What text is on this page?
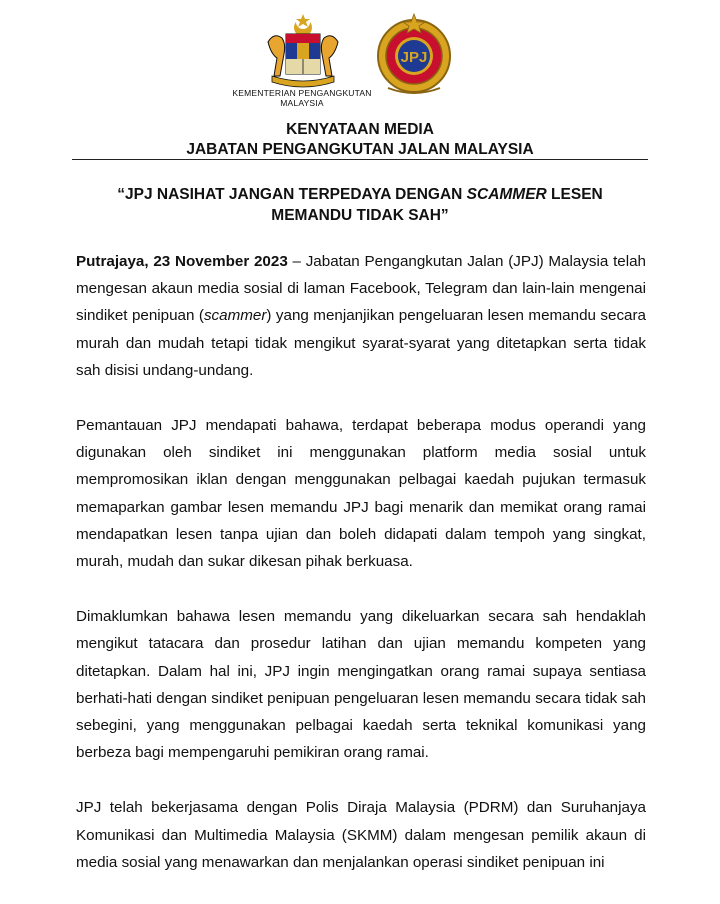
KEMENTERIAN PENGANGKUTAN
MALAYSIA
JPJ
KENYATAAN MEDIA
JABATAN PENGANGKUTAN JALAN MALAYSIA
“JPJ NASIHAT JANGAN TERPEDAYA DENGAN SCAMMER LESEN
MEMANDU TIDAK SAH”

Putrajaya, 23 November 2023 – Jabatan Pengangkutan Jalan (JPJ) Malaysia telah mengesan akaun media sosial di laman Facebook, Telegram dan lain-lain mengenai sindiket penipuan (scammer) yang menjanjikan pengeluaran lesen memandu secara murah dan mudah tetapi tidak mengikut syarat-syarat yang ditetapkan serta tidak sah disisi undang-undang.

Pemantauan JPJ mendapati bahawa, terdapat beberapa modus operandi yang digunakan oleh sindiket ini menggunakan platform media sosial untuk mempromosikan iklan dengan menggunakan pelbagai kaedah pujukan termasuk memaparkan gambar lesen memandu JPJ bagi menarik dan memikat orang ramai mendapatkan lesen tanpa ujian dan boleh didapati dalam tempoh yang singkat, murah, mudah dan sukar dikesan pihak berkuasa.

Dimaklumkan bahawa lesen memandu yang dikeluarkan secara sah hendaklah mengikut tatacara dan prosedur latihan dan ujian memandu kompeten yang ditetapkan. Dalam hal ini, JPJ ingin mengingatkan orang ramai supaya sentiasa berhati-hati dengan sindiket penipuan pengeluaran lesen memandu secara tidak sah sebegini, yang menggunakan pelbagai kaedah serta teknikal komunikasi yang berbeza bagi mempengaruhi pemikiran orang ramai.

JPJ telah bekerjasama dengan Polis Diraja Malaysia (PDRM) dan Suruhanjaya Komunikasi dan Multimedia Malaysia (SKMM) dalam mengesan pemilik akaun di media sosial yang menawarkan dan menjalankan operasi sindiket penipuan ini
